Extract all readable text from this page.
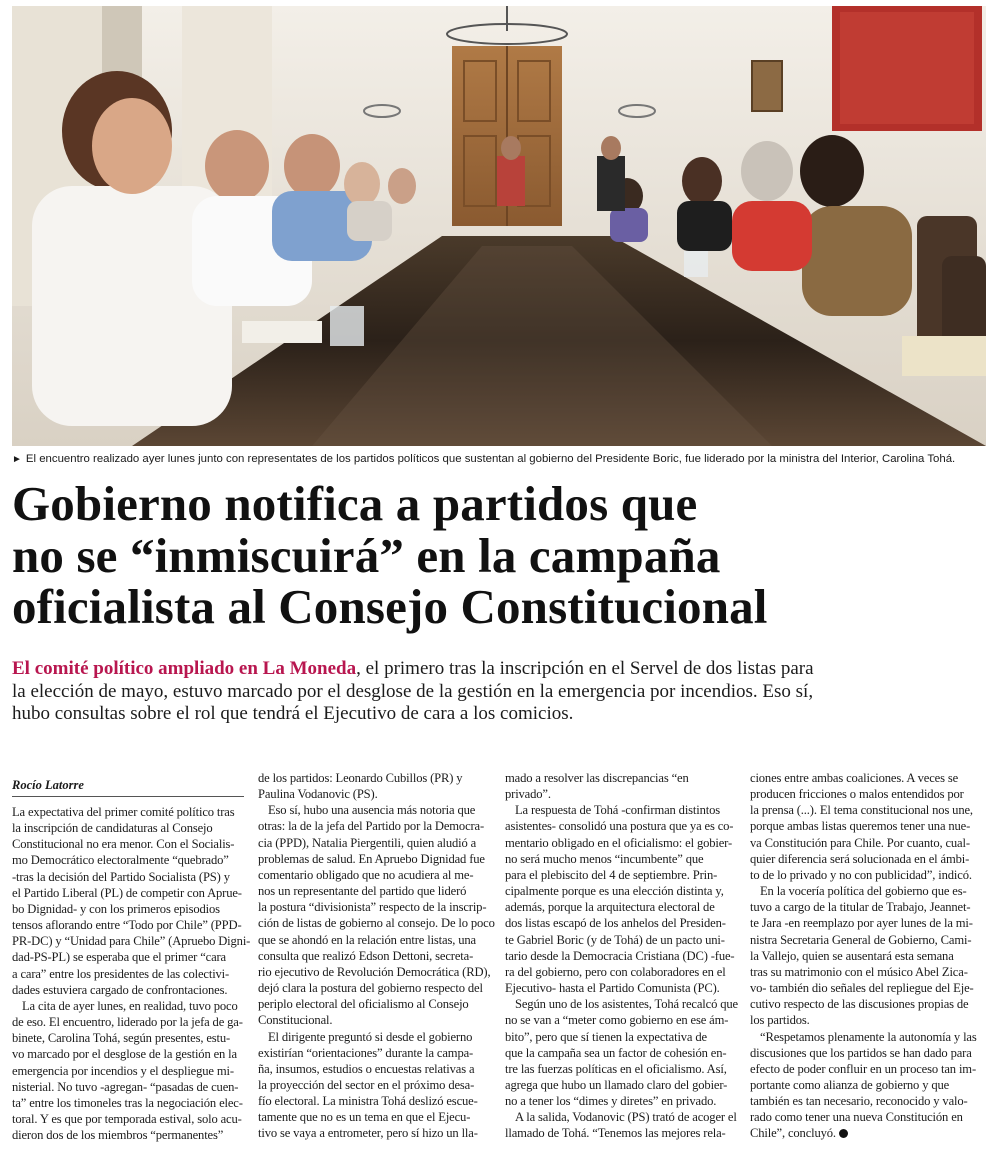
► El encuentro realizado ayer lunes junto con representates de los partidos políticos que sustentan al gobierno del Presidente Boric, fue liderado por la ministra del Interior, Carolina Tohá.
Gobierno notifica a partidos que
no se “inmiscuirá” en la campaña
oficialista al Consejo Constitucional
El comité político ampliado en La Moneda, el primero tras la inscripción en el Servel de dos listas para
la elección de mayo, estuvo marcado por el desglose de la gestión en la emergencia por incendios. Eso sí,
hubo consultas sobre el rol que tendrá el Ejecutivo de cara a los comicios.
Rocío Latorre
La expectativa del primer comité político tras
la inscripción de candidaturas al Consejo
Constitucional no era menor. Con el Socialis-
mo Democrático electoralmente “quebrado”
-tras la decisión del Partido Socialista (PS) y
el Partido Liberal (PL) de competir con Aprue-
bo Dignidad- y con los primeros episodios
tensos aflorando entre “Todo por Chile” (PPD-
PR-DC) y “Unidad para Chile” (Apruebo Digni-
dad-PS-PL) se esperaba que el primer “cara
a cara” entre los presidentes de las colectivi-
dades estuviera cargado de confrontaciones.
La cita de ayer lunes, en realidad, tuvo poco
de eso. El encuentro, liderado por la jefa de ga-
binete, Carolina Tohá, según presentes, estu-
vo marcado por el desglose de la gestión en la
emergencia por incendios y el despliegue mi-
nisterial. No tuvo -agregan- “pasadas de cuen-
ta” entre los timoneles tras la negociación elec-
toral. Y es que por temporada estival, solo acu-
dieron dos de los miembros “permanentes”
de los partidos: Leonardo Cubillos (PR) y
Paulina Vodanovic (PS).
Eso sí, hubo una ausencia más notoria que
otras: la de la jefa del Partido por la Democra-
cia (PPD), Natalia Piergentili, quien aludió a
problemas de salud. En Apruebo Dignidad fue
comentario obligado que no acudiera al me-
nos un representante del partido que lideró
la postura “divisionista” respecto de la inscrip-
ción de listas de gobierno al consejo. De lo poco
que se ahondó en la relación entre listas, una
consulta que realizó Edson Dettoni, secreta-
rio ejecutivo de Revolución Democrática (RD),
dejó clara la postura del gobierno respecto del
periplo electoral del oficialismo al Consejo
Constitucional.
El dirigente preguntó si desde el gobierno
existirían “orientaciones” durante la campa-
ña, insumos, estudios o encuestas relativas a
la proyección del sector en el próximo desa-
fío electoral. La ministra Tohá deslizó escue-
tamente que no es un tema en que el Ejecu-
tivo se vaya a entrometer, pero sí hizo un lla-
mado a resolver las discrepancias “en
privado”.
La respuesta de Tohá -confirman distintos
asistentes- consolidó una postura que ya es co-
mentario obligado en el oficialismo: el gobier-
no será mucho menos “incumbente” que
para el plebiscito del 4 de septiembre. Prin-
cipalmente porque es una elección distinta y,
además, porque la arquitectura electoral de
dos listas escapó de los anhelos del Presiden-
te Gabriel Boric (y de Tohá) de un pacto uni-
tario desde la Democracia Cristiana (DC) -fue-
ra del gobierno, pero con colaboradores en el
Ejecutivo- hasta el Partido Comunista (PC).
Según uno de los asistentes, Tohá recalcó que
no se van a “meter como gobierno en ese ám-
bito”, pero que sí tienen la expectativa de
que la campaña sea un factor de cohesión en-
tre las fuerzas políticas en el oficialismo. Así,
agrega que hubo un llamado claro del gobier-
no a tener los “dimes y diretes” en privado.
A la salida, Vodanovic (PS) trató de acoger el
llamado de Tohá. “Tenemos las mejores rela-
ciones entre ambas coaliciones. A veces se
producen fricciones o malos entendidos por
la prensa (...). El tema constitucional nos une,
porque ambas listas queremos tener una nue-
va Constitución para Chile. Por cuanto, cual-
quier diferencia será solucionada en el ámbi-
to de lo privado y no con publicidad”, indicó.
En la vocería política del gobierno que es-
tuvo a cargo de la titular de Trabajo, Jeannet-
te Jara -en reemplazo por ayer lunes de la mi-
nistra Secretaria General de Gobierno, Cami-
la Vallejo, quien se ausentará esta semana
tras su matrimonio con el músico Abel Zica-
vo- también dio señales del repliegue del Eje-
cutivo respecto de las discusiones propias de
los partidos.
“Respetamos plenamente la autonomía y las
discusiones que los partidos se han dado para
efecto de poder confluir en un proceso tan im-
portante como alianza de gobierno y que
también es tan necesario, reconocido y valo-
rado como tener una nueva Constitución en
Chile”, concluyó.
